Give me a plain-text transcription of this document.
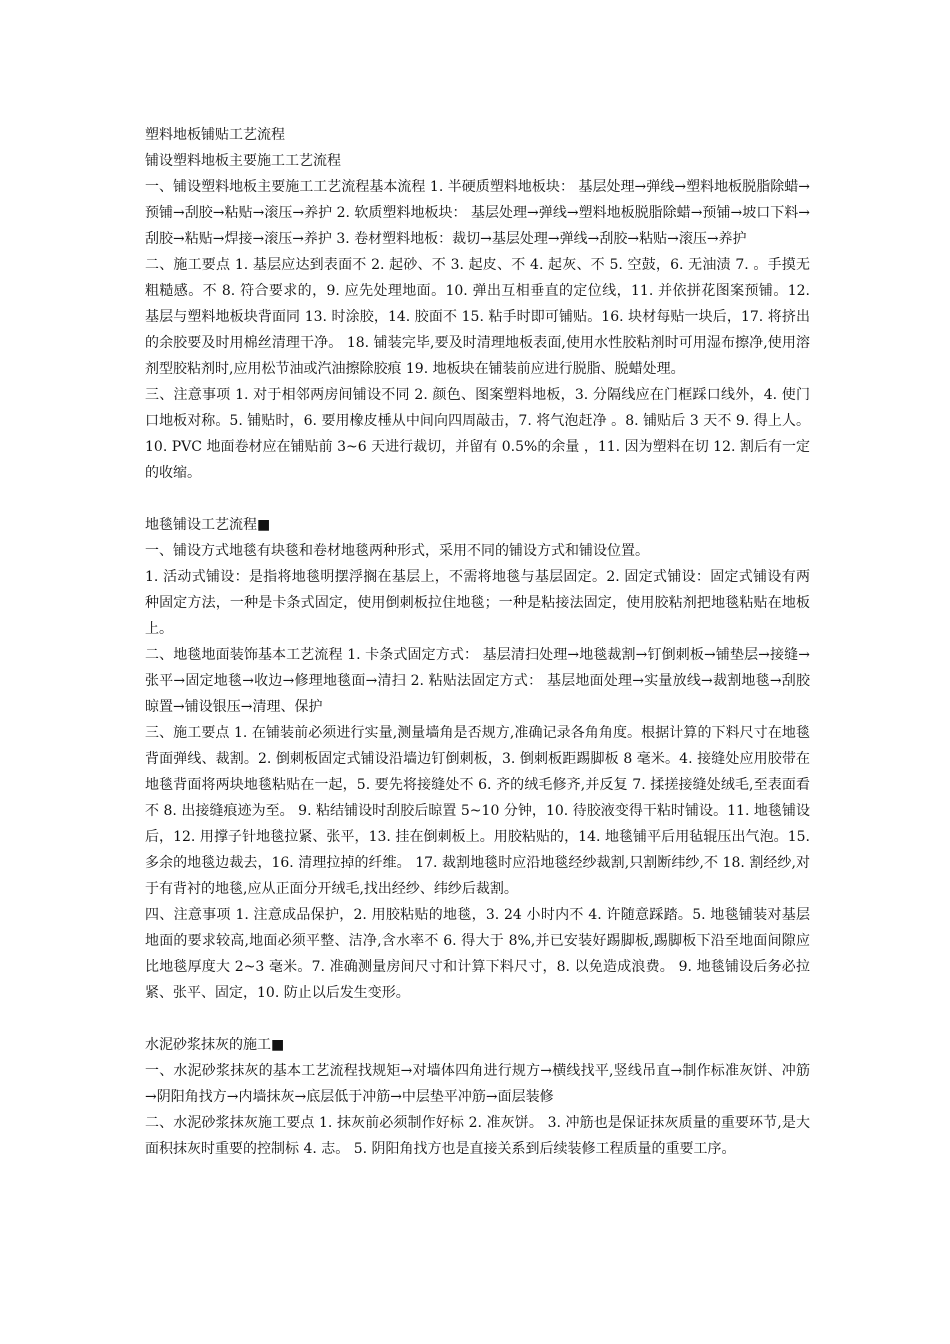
塑料地板铺贴工艺流程

铺设塑料地板主要施工工艺流程

一、铺设塑料地板主要施工工艺流程基本流程 1. 半硬质塑料地板块： 基层处理→弹线→塑料地板脱脂除蜡→预铺→刮胶→粘贴→滚压→养护 2. 软质塑料地板块： 基层处理→弹线→塑料地板脱脂除蜡→预铺→坡口下料→刮胶→粘贴→焊接→滚压→养护 3. 卷材塑料地板：裁切→基层处理→弹线→刮胶→粘贴→滚压→养护

二、施工要点 1. 基层应达到表面不 2. 起砂、不 3. 起皮、不 4. 起灰、不 5. 空鼓，6. 无油渍 7. 。手摸无粗糙感。不 8. 符合要求的，9. 应先处理地面。10. 弹出互相垂直的定位线，11. 并依拼花图案预铺。12. 基层与塑料地板块背面同 13. 时涂胶，14. 胶面不 15. 粘手时即可铺贴。16. 块材每贴一块后，17. 将挤出的余胶要及时用棉丝清理干净。 18. 铺装完毕,要及时清理地板表面,使用水性胶粘剂时可用湿布擦净,使用溶剂型胶粘剂时,应用松节油或汽油擦除胶痕 19. 地板块在铺装前应进行脱脂、脱蜡处理。

三、注意事项 1. 对于相邻两房间铺设不同 2. 颜色、图案塑料地板，3. 分隔线应在门框踩口线外，4. 使门口地板对称。5. 铺贴时，6. 要用橡皮棰从中间向四周敲击，7. 将气泡赶净 。8. 铺贴后 3 天不 9. 得上人。 10. PVC 地面卷材应在铺贴前 3~6 天进行裁切，并留有 0.5%的余量 ，11. 因为塑料在切 12. 割后有一定的收缩。

地毯铺设工艺流程■

一、铺设方式地毯有块毯和卷材地毯两种形式，采用不同的铺设方式和铺设位置。

1. 活动式铺设：是指将地毯明摆浮搁在基层上，不需将地毯与基层固定。2. 固定式铺设：固定式铺设有两种固定方法，一种是卡条式固定，使用倒刺板拉住地毯；一种是粘接法固定，使用胶粘剂把地毯粘贴在地板上。

二、地毯地面装饰基本工艺流程 1. 卡条式固定方式： 基层清扫处理→地毯裁割→钉倒刺板→铺垫层→接缝→张平→固定地毯→收边→修理地毯面→清扫 2. 粘贴法固定方式： 基层地面处理→实量放线→裁割地毯→刮胶晾置→铺设银压→清理、保护

三、施工要点 1. 在铺装前必须进行实量,测量墙角是否规方,准确记录各角角度。根据计算的下料尺寸在地毯背面弹线、裁割。2. 倒刺板固定式铺设沿墙边钉倒刺板，3. 倒刺板距踢脚板 8 毫米。4. 接缝处应用胶带在地毯背面将两块地毯粘贴在一起，5. 要先将接缝处不 6. 齐的绒毛修齐,并反复 7. 揉搓接缝处绒毛,至表面看不 8. 出接缝痕迹为至。 9. 粘结铺设时刮胶后晾置 5~10 分钟，10. 待胶液变得干粘时铺设。11. 地毯铺设后，12. 用撑子针地毯拉紧、张平，13. 挂在倒刺板上。用胶粘贴的，14. 地毯铺平后用毡辊压出气泡。15. 多余的地毯边裁去，16. 清理拉掉的纤维。 17. 裁割地毯时应沿地毯经纱裁割,只割断纬纱,不 18. 割经纱,对于有背衬的地毯,应从正面分开绒毛,找出经纱、纬纱后裁割。

四、注意事项 1. 注意成品保护，2. 用胶粘贴的地毯，3. 24 小时内不 4. 许随意踩踏。5. 地毯铺装对基层地面的要求较高,地面必须平整、洁净,含水率不 6. 得大于 8%,并已安装好踢脚板,踢脚板下沿至地面间隙应比地毯厚度大 2~3 毫米。7. 准确测量房间尺寸和计算下料尺寸，8. 以免造成浪费。 9. 地毯铺设后务必拉紧、张平、固定，10. 防止以后发生变形。

水泥砂浆抹灰的施工■

一、水泥砂浆抹灰的基本工艺流程找规矩→对墙体四角进行规方→横线找平,竖线吊直→制作标准灰饼、冲筋→阴阳角找方→内墙抹灰→底层低于冲筋→中层垫平冲筋→面层装修

二、水泥砂浆抹灰施工要点 1. 抹灰前必须制作好标 2. 准灰饼。 3. 冲筋也是保证抹灰质量的重要环节,是大面积抹灰时重要的控制标 4. 志。 5. 阴阳角找方也是直接关系到后续装修工程质量的重要工序。
